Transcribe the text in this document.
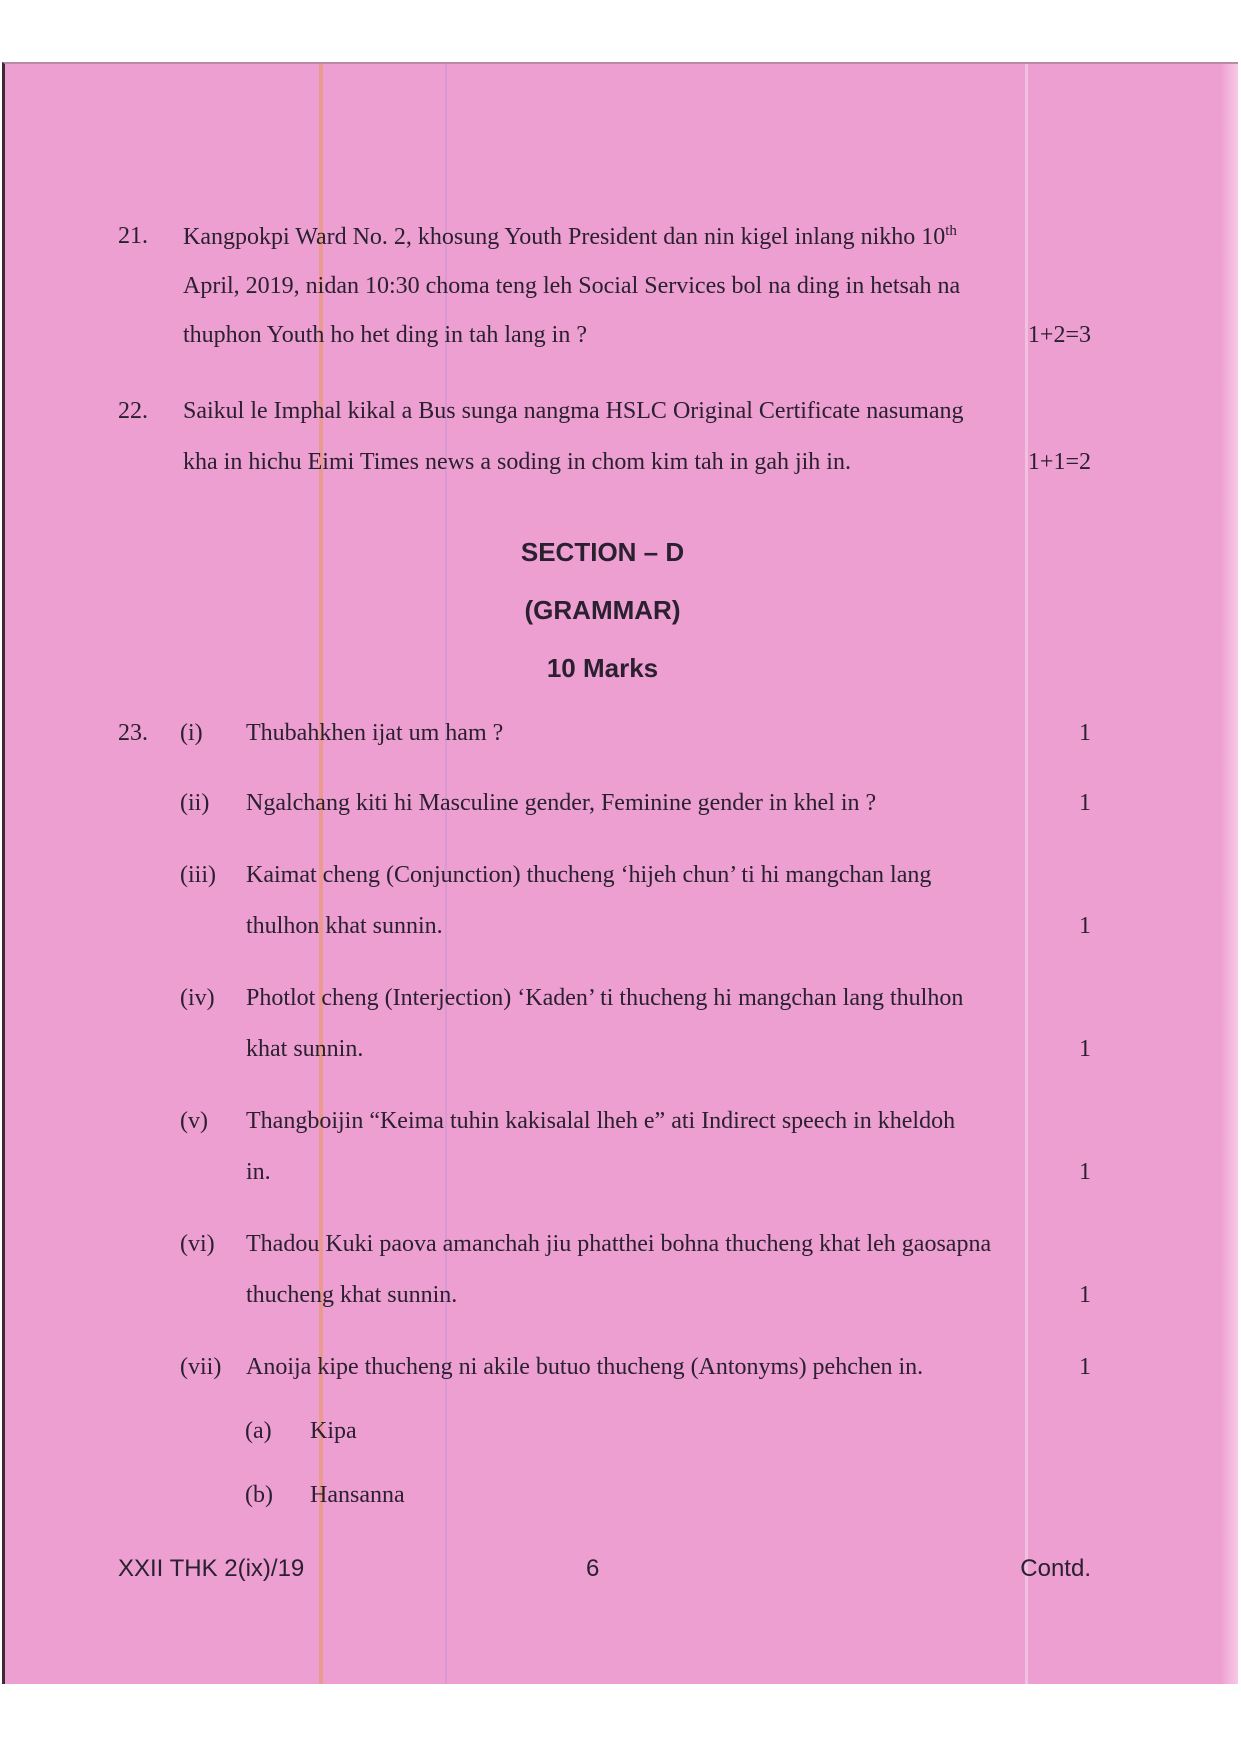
21. Kangpokpi Ward No. 2, khosung Youth President dan nin kigel inlang nikho 10th
April, 2019, nidan 10:30 choma teng leh Social Services bol na ding in hetsah na
thuphon Youth ho het ding in tah lang in ?	1+2=3
22. Saikul le Imphal kikal a Bus sunga nangma HSLC Original Certificate nasumang
kha in hichu Eimi Times news a soding in chom kim tah in gah jih in.	1+1=2
SECTION – D
(GRAMMAR)
10 Marks
23. (i) Thubahkhen ijat um ham ?	1
(ii) Ngalchang kiti hi Masculine gender, Feminine gender in khel in ?	1
(iii) Kaimat cheng (Conjunction) thucheng ‘hijeh chun’ ti hi mangchan lang
thulhon khat sunnin.	1
(iv) Photlot cheng (Interjection) ‘Kaden’ ti thucheng hi mangchan lang thulhon
khat sunnin.	1
(v) Thangboijin “Keima tuhin kakisalal lheh e” ati Indirect speech in kheldoh
in.	1
(vi) Thadou Kuki paova amanchah jiu phatthei bohna thucheng khat leh gaosapna
thucheng khat sunnin.	1
(vii) Anoija kipe thucheng ni akile butuo thucheng (Antonyms) pehchen in.	1
(a) Kipa
(b) Hansanna
XXII THK 2(ix)/19	6	Contd.
